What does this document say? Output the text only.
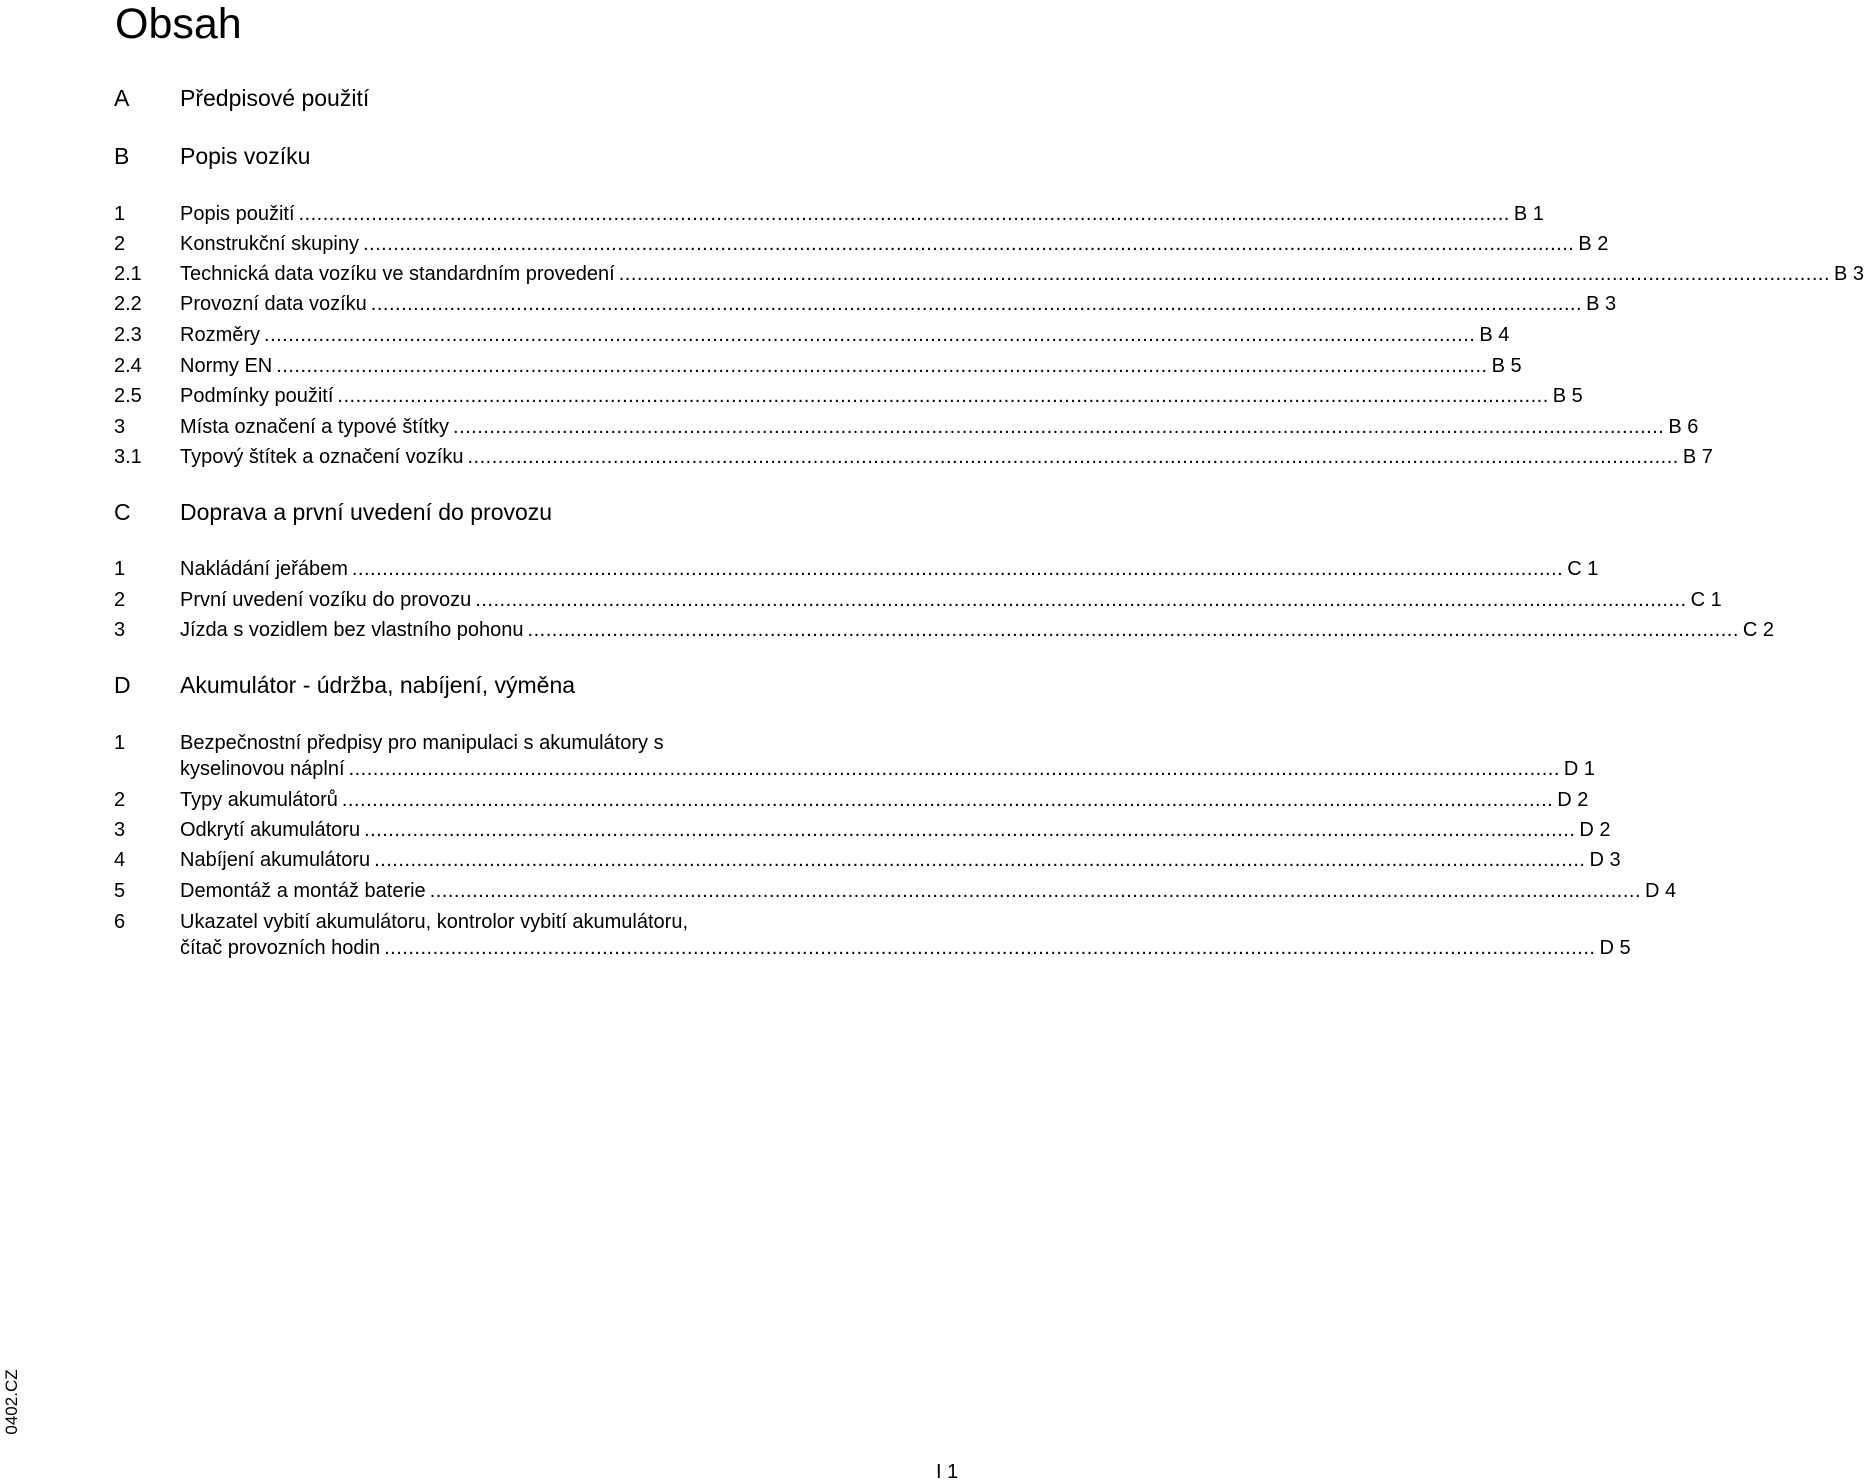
Obsah
A Předpisové použití
B Popis vozíku
1	Popis použití ........................................................................................................................................................................................................ B 1
2	Konstrukční skupiny ........................................................................................................................................................................................................ B 2
2.1 Technická data vozíku ve standardním provedení ........................................................................................................................................................................................................ B 3
2.2 Provozní data vozíku ........................................................................................................................................................................................................ B 3
2.3 Rozměry ........................................................................................................................................................................................................ B 4
2.4 Normy EN ........................................................................................................................................................................................................ B 5
2.5 Podmínky použití ........................................................................................................................................................................................................ B 5
3	Místa označení a typové štítky ........................................................................................................................................................................................................ B 6
3.1 Typový štítek a označení vozíku ........................................................................................................................................................................................................ B 7
C Doprava a první uvedení do provozu
1	Nakládání jeřábem ........................................................................................................................................................................................................ C 1
2	První uvedení vozíku do provozu ........................................................................................................................................................................................................ C 1
3	Jízda s vozidlem bez vlastního pohonu ........................................................................................................................................................................................................ C 2
D Akumulátor - údržba, nabíjení, výměna
1	Bezpečnostní předpisy pro manipulaci s akumulátory s
kyselinovou náplní ........................................................................................................................................................................................................ D 1
2	Typy akumulátorů ........................................................................................................................................................................................................ D 2
3	Odkrytí akumulátoru ........................................................................................................................................................................................................ D 2
4	Nabíjení akumulátoru ........................................................................................................................................................................................................ D 3
5	Demontáž a montáž baterie ........................................................................................................................................................................................................ D 4
6	Ukazatel vybití akumulátoru, kontrolor vybití akumulátoru,
čítač provozních hodin ........................................................................................................................................................................................................ D 5
0402.CZ
I 1
